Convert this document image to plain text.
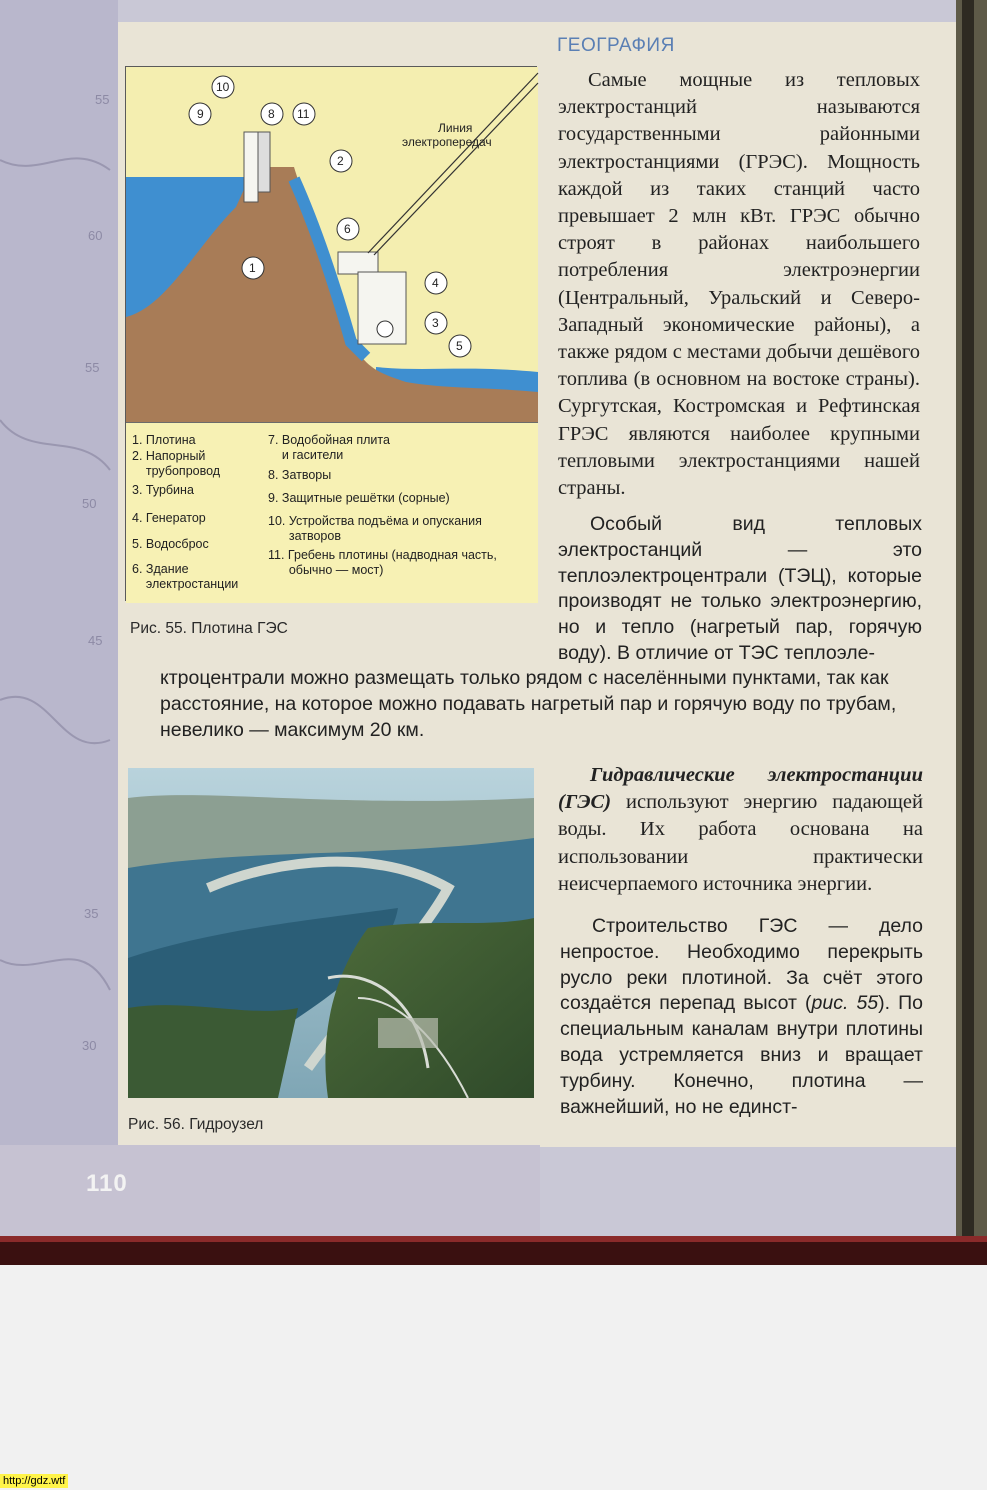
55
60
55
50
45
35
30
ГЕОГРАФИЯ
Линия электропередач
10
9	8 11
2
6
1
4
3
5
1. Плотина
2. Напорный
трубопровод
3. Турбина
4. Генератор
5. Водосброс
6. Здание
электростанции
7. Водобойная плита
и гасители
8. Затворы
9. Защитные решётки (сорные)
10. Устройства подъёма и опускания
затворов
11. Гребень плотины (надводная часть,
обычно — мост)
Рис. 55. Плотина ГЭС
Рис. 56. Гидроузел
Самые мощные из тепловых электростанций называются государственными районными электростанциями (ГРЭС). Мощность каждой из таких станций часто превышает 2 млн кВт. ГРЭС обычно строят в районах наибольшего потребления электроэнергии (Центральный, Уральский и Северо-Западный экономические районы), а также рядом с местами добычи дешёвого топлива (в основном на востоке страны). Сургутская, Костромская и Рефтинская ГРЭС являются наиболее крупными тепловыми электростанциями нашей страны.
Особый вид тепловых электростанций — это теплоэлектроцентрали (ТЭЦ), которые производят не только электроэнергию, но и тепло (нагретый пар, горячую воду). В отличие от ТЭС теплоэле-
ктроцентрали можно размещать только рядом с населёнными пунктами, так как расстояние, на которое можно подавать нагретый пар и горячую воду по трубам, невелико — максимум 20 км.
Гидравлические электростанции (ГЭС) используют энергию падающей воды. Их работа основана на использовании практически неисчерпаемого источника энергии.
Строительство ГЭС — дело непростое. Необходимо перекрыть русло реки плотиной. За счёт этого создаётся перепад высот (рис. 55). По специальным каналам внутри плотины вода устремляется вниз и вращает турбину. Конечно, плотина — важнейший, но не единст-
110
http://gdz.wtf
